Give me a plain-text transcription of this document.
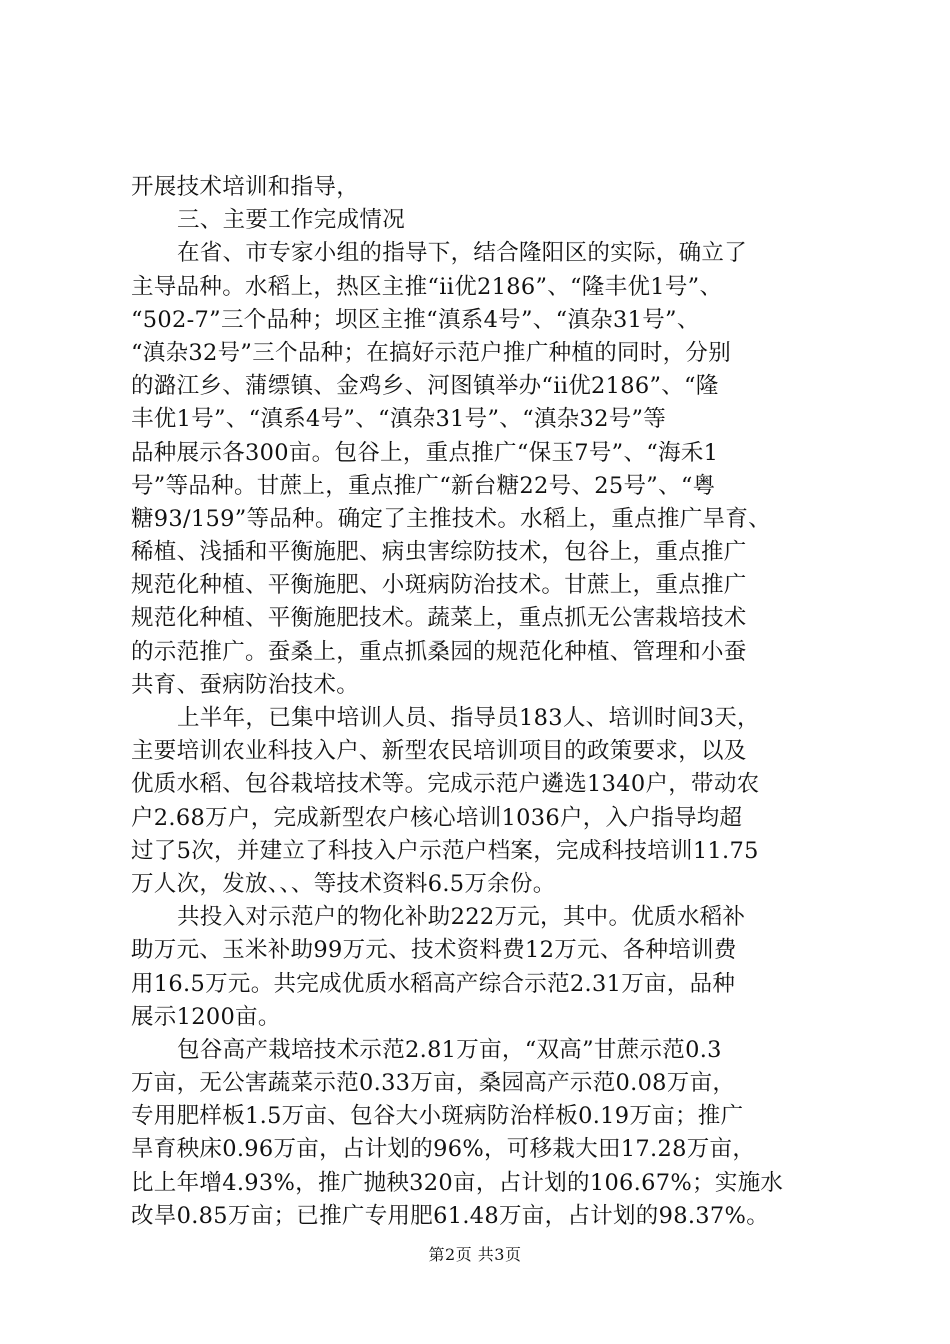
开展技术培训和指导，
三、主要工作完成情况
在省、市专家小组的指导下，结合隆阳区的实际，确立了
主导品种。水稻上，热区主推“ii优2186”、“隆丰优1号”、
“502-7”三个品种；坝区主推“滇系4号”、“滇杂31号”、
“滇杂32号”三个品种；在搞好示范户推广种植的同时，分别
的潞江乡、蒲缥镇、金鸡乡、河图镇举办“ii优2186”、“隆
丰优1号”、“滇系4号”、“滇杂31号”、“滇杂32号”等
品种展示各300亩。包谷上，重点推广“保玉7号”、“海禾1
号”等品种。甘蔗上，重点推广“新台糖22号、25号”、“粤
糖93/159”等品种。确定了主推技术。水稻上，重点推广旱育、
稀植、浅插和平衡施肥、病虫害综防技术，包谷上，重点推广
规范化种植、平衡施肥、小斑病防治技术。甘蔗上，重点推广
规范化种植、平衡施肥技术。蔬菜上，重点抓无公害栽培技术
的示范推广。蚕桑上，重点抓桑园的规范化种植、管理和小蚕
共育、蚕病防治技术。
上半年，已集中培训人员、指导员183人、培训时间3天，
主要培训农业科技入户、新型农民培训项目的政策要求，以及
优质水稻、包谷栽培技术等。完成示范户遴选1340户，带动农
户2.68万户，完成新型农户核心培训1036户，入户指导均超
过了5次，并建立了科技入户示范户档案，完成科技培训11.75
万人次，发放、、、等技术资料6.5万余份。
共投入对示范户的物化补助222万元，其中。优质水稻补
助万元、玉米补助99万元、技术资料费12万元、各种培训费
用16.5万元。共完成优质水稻高产综合示范2.31万亩，品种
展示1200亩。
包谷高产栽培技术示范2.81万亩，“双高”甘蔗示范0.3
万亩，无公害蔬菜示范0.33万亩，桑园高产示范0.08万亩，
专用肥样板1.5万亩、包谷大小斑病防治样板0.19万亩；推广
旱育秧床0.96万亩，占计划的96%，可移栽大田17.28万亩，
比上年增4.93%，推广抛秧320亩，占计划的106.67%；实施水
改旱0.85万亩；已推广专用肥61.48万亩，占计划的98.37%。
第2页 共3页
